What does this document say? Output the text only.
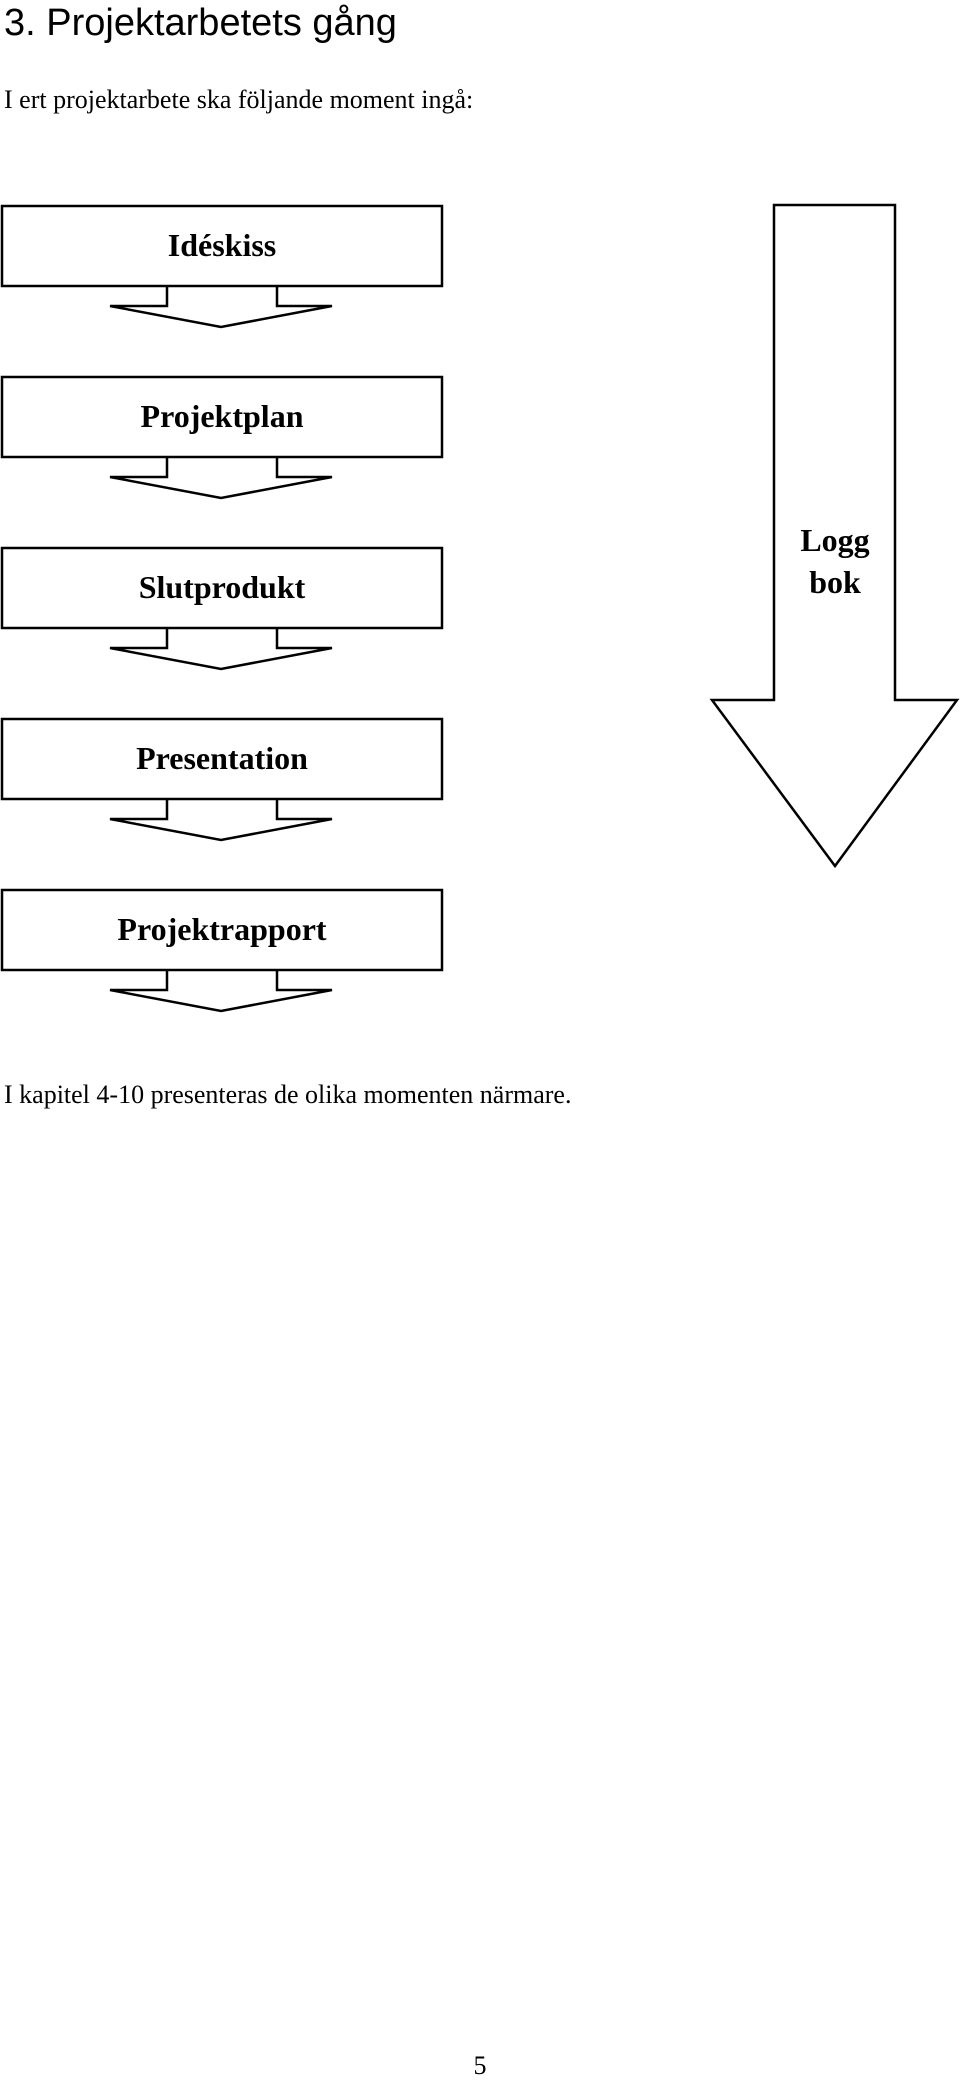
3. Projektarbetets gång

I ert projektarbete ska följande moment ingå:

Idéskiss
Projektplan
Slutprodukt
Presentation
Projektrapport
Logg
bok

I kapitel 4-10 presenteras de olika momenten närmare.

5
